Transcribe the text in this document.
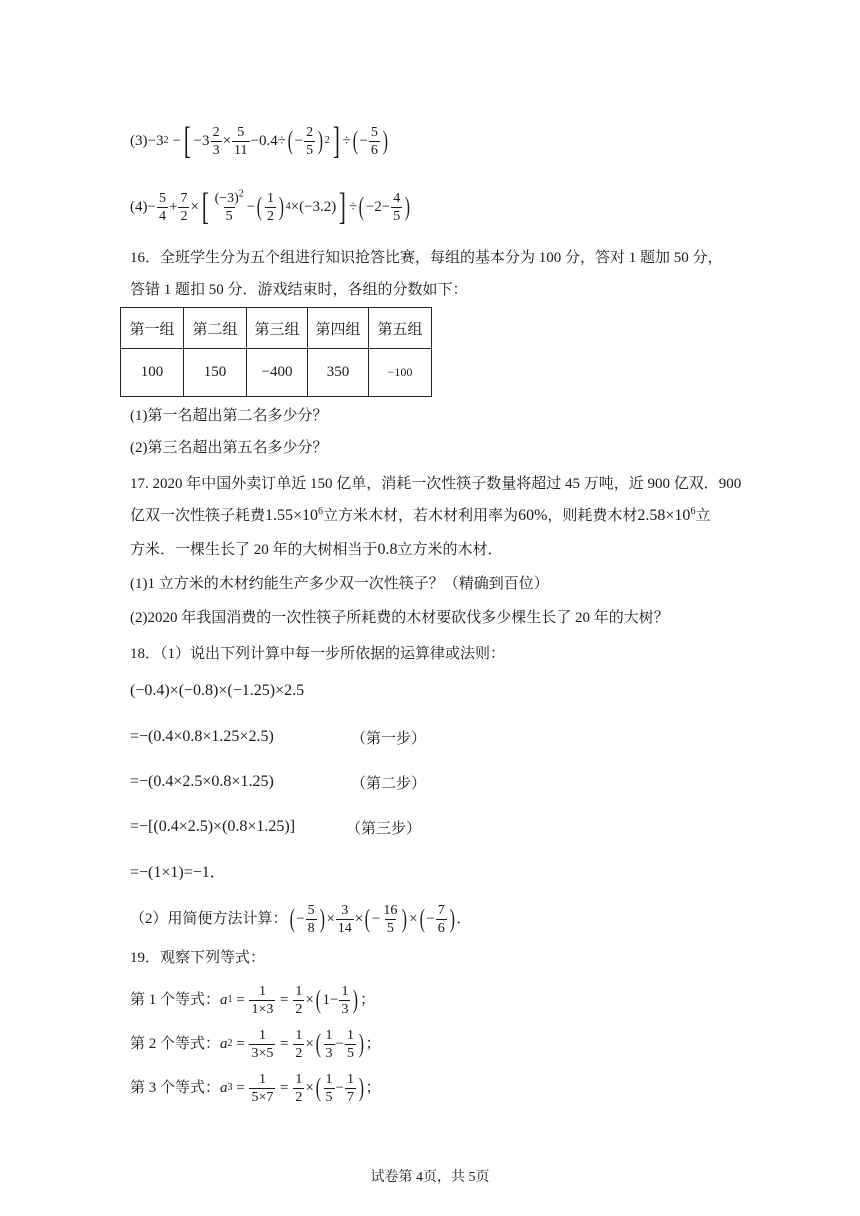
(3) −3 2 − [ $-3 \frac{2}{3} \times \frac{5}{11} -0.4\div$ ( − $\frac{2}{5}$ ) 2 ] ÷ ( − $\frac{5}{6}$ )
$(4) - \frac{5}{4} + \frac{7}{2}$ × [ $\frac{(-3)^2}{5}$ − ( $\frac{1}{2}$ ) 4 ×(−3.2) ] ÷ ( $-2- \frac{4}{5}$ )
16．全班学生分为五个组进行知识抢答比赛，每组的基本分为 100 分，答对 1 题加 50 分，
答错 1 题扣 50 分．游戏结束时，各组的分数如下：
第一组	第二组	第三组	第四组	第五组
100	150	−400	350	−100
(1)第一名超出第二名多少分？
(2)第三名超出第五名多少分？
17. 2020 年中国外卖订单近 150 亿单，消耗一次性筷子数量将超过 45 万吨，近 900 亿双．900
亿双一次性筷子耗费$1.55\times 10^6$立方米木材，若木材利用率为60%，则耗费木材$2.58\times 10^6$立
方米．一棵生长了 20 年的大树相当于0.8立方米的木材．
(1)1 立方米的木材约能生产多少双一次性筷子？（精确到百位）
(2)2020 年我国消费的一次性筷子所耗费的木材要砍伐多少棵生长了 20 年的大树？
18．（1）说出下列计算中每一步所依据的运算律或法则：
(−0.4)×(−0.8)×(−1.25)×2.5
=−(0.4×0.8×1.25×2.5)	（第一步）
=−(0.4×2.5×0.8×1.25)	（第二步）
=−[(0.4×2.5)×(0.8×1.25)]	（第三步）
=−(1×1)=−1．
（2）用简便方法计算： ( − $\frac{5}{8}$ ) × $\frac{3}{14}$ × ( − $\frac{16}{5}$ ) × ( − $\frac{7}{6}$ ) ．
19．观察下列等式：
第 1 个等式： a $1 = \frac{1}{1\times 3} = \frac{1}{2}$ × ( $1- \frac{1}{3}$ ) ；
第 2 个等式： a $2 = \frac{1}{3\times 5} = \frac{1}{2}$ × ( $\frac{1}{3} - \frac{1}{5}$ ) ；
第 3 个等式： a $3 = \frac{1}{5\times 7} = \frac{1}{2}$ × ( $\frac{1}{5} - \frac{1}{7}$ ) ；
试卷第 4页，共 5页
